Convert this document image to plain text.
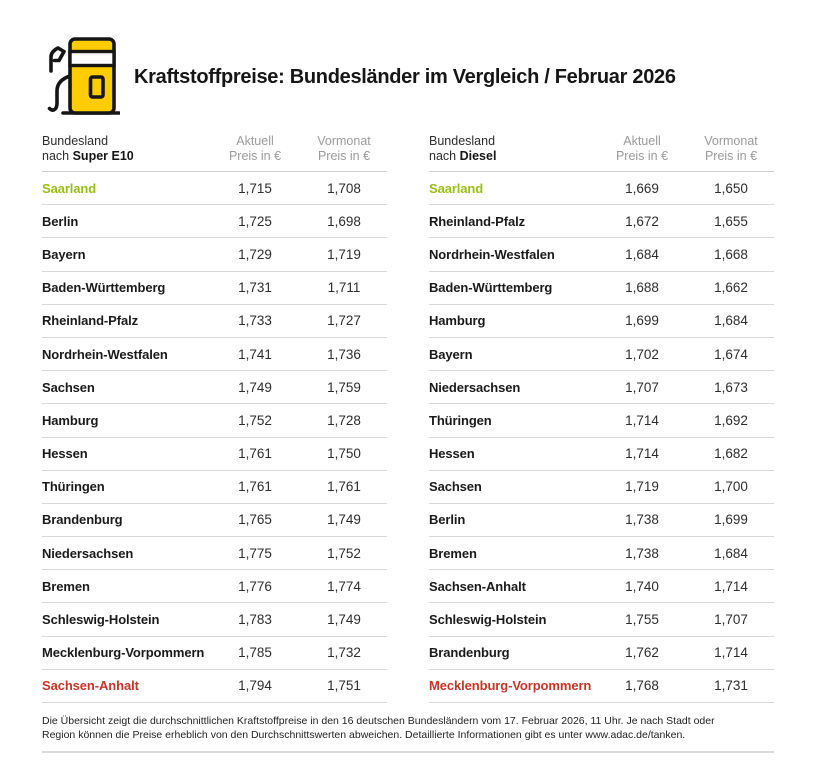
Kraftstoffpreise: Bundesländer im Vergleich / Februar 2026
Bundesland
nach Super E10
Aktuell
Preis in €
Vormonat
Preis in €
Saarland	1,715	1,708
Berlin	1,725	1,698
Bayern	1,729	1,719
Baden-Württemberg	1,731	1,711
Rheinland-Pfalz	1,733	1,727
Nordrhein-Westfalen	1,741	1,736
Sachsen	1,749	1,759
Hamburg	1,752	1,728
Hessen	1,761	1,750
Thüringen	1,761	1,761
Brandenburg	1,765	1,749
Niedersachsen	1,775	1,752
Bremen	1,776	1,774
Schleswig-Holstein	1,783	1,749
Mecklenburg-Vorpommern	1,785	1,732
Sachsen-Anhalt	1,794	1,751
Bundesland
nach Diesel
Aktuell
Preis in €
Vormonat
Preis in €
Saarland	1,669	1,650
Rheinland-Pfalz	1,672	1,655
Nordrhein-Westfalen	1,684	1,668
Baden-Württemberg	1,688	1,662
Hamburg	1,699	1,684
Bayern	1,702	1,674
Niedersachsen	1,707	1,673
Thüringen	1,714	1,692
Hessen	1,714	1,682
Sachsen	1,719	1,700
Berlin	1,738	1,699
Bremen	1,738	1,684
Sachsen-Anhalt	1,740	1,714
Schleswig-Holstein	1,755	1,707
Brandenburg	1,762	1,714
Mecklenburg-Vorpommern	1,768	1,731
Die Übersicht zeigt die durchschnittlichen Kraftstoffpreise in den 16 deutschen Bundesländern vom 17. Februar 2026, 11 Uhr. Je nach Stadt oder Region können die Preise erheblich von den Durchschnittswerten abweichen. Detaillierte Informationen gibt es unter www.adac.de/tanken.
